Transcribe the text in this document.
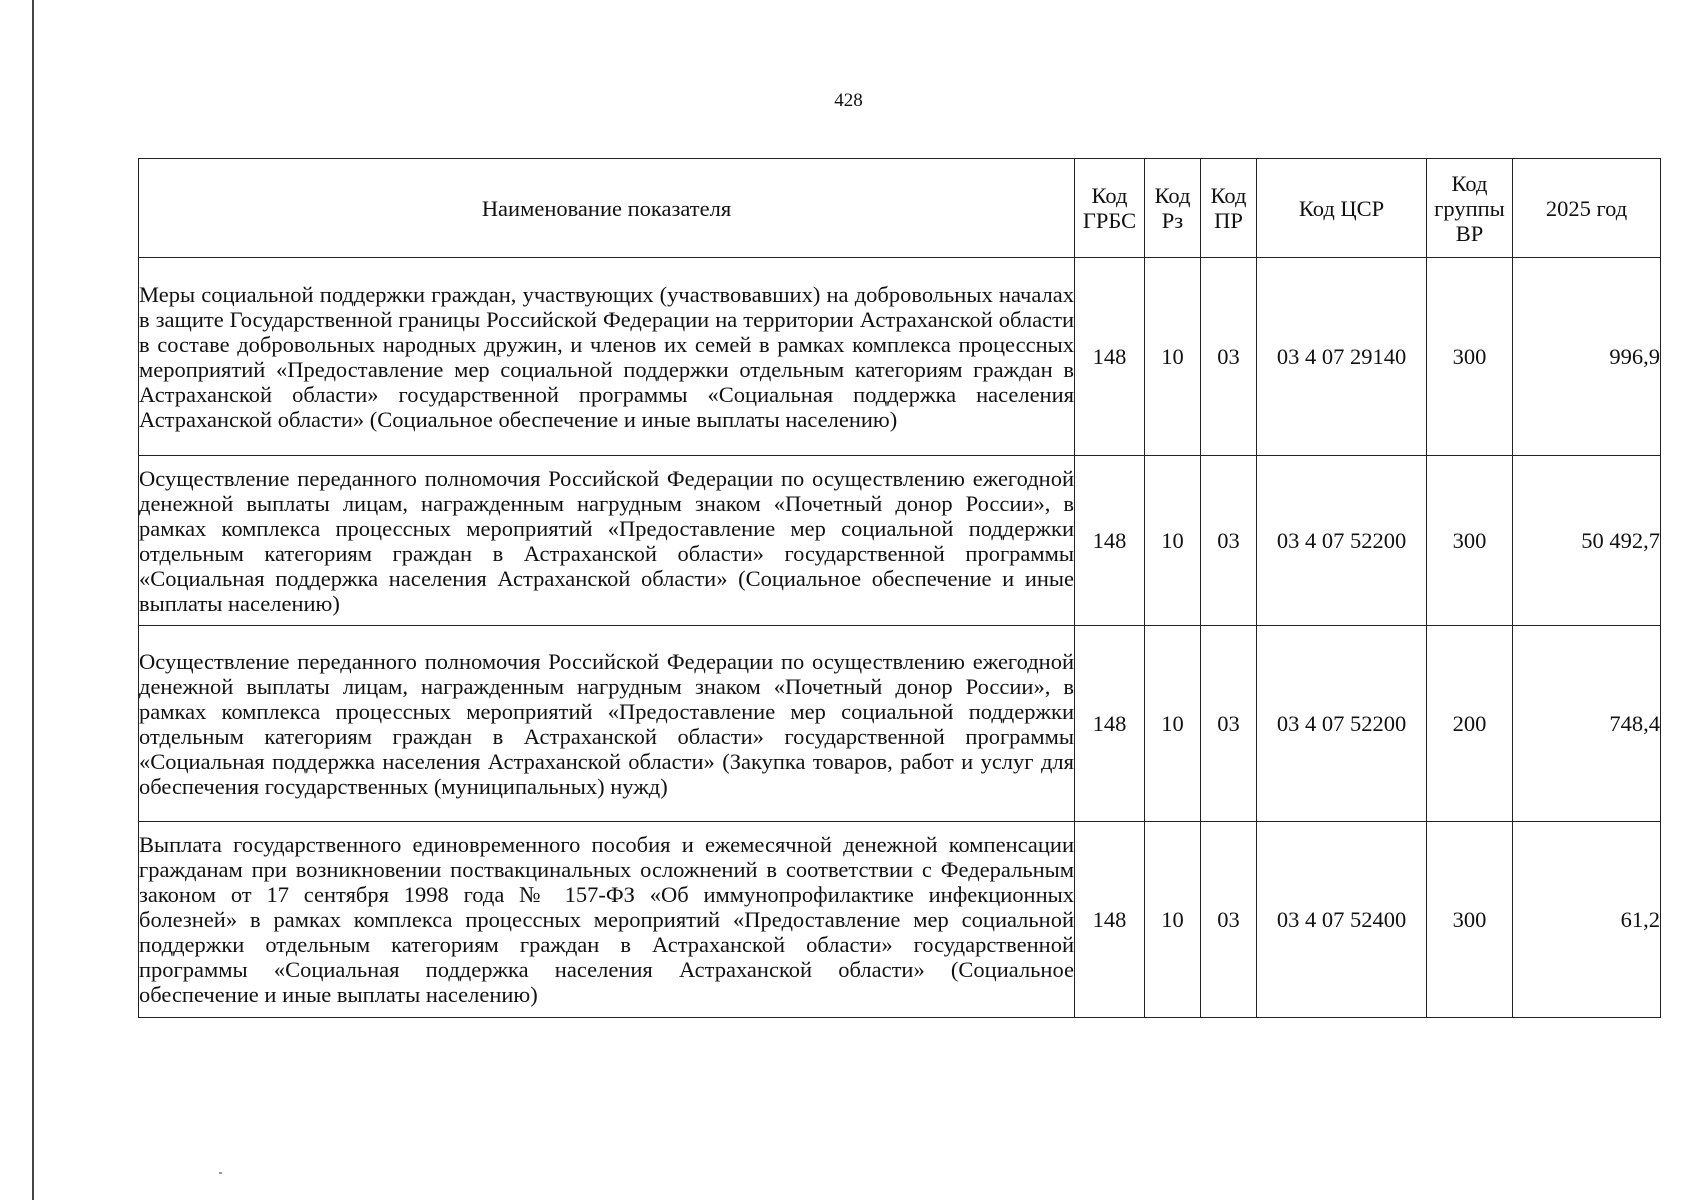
428
Наименование показателя	Код ГРБС	Код Рз	Код ПР	Код ЦСР	Код группы ВР	2025 год
Меры социальной поддержки граждан, участвующих (участвовавших) на добровольных началах в защите Государственной границы Российской Федерации на территории Астраханской области в составе добровольных народных дружин, и членов их семей в рамках комплекса процессных мероприятий «Предоставление мер социальной поддержки отдельным категориям граждан в Астраханской области» государственной программы «Социальная поддержка населения Астраханской области» (Социальное обеспечение и иные выплаты населению)	148	10	03	03 4 07 29140	300	996,9
Осуществление переданного полномочия Российской Федерации по осуществлению ежегодной денежной выплаты лицам, награжденным нагрудным знаком «Почетный донор России», в рамках комплекса процессных мероприятий «Предоставление мер социальной поддержки отдельным категориям граждан в Астраханской области» государственной программы «Социальная поддержка населения Астраханской области» (Социальное обеспечение и иные выплаты населению)	148	10	03	03 4 07 52200	300	50 492,7
Осуществление переданного полномочия Российской Федерации по осуществлению ежегодной денежной выплаты лицам, награжденным нагрудным знаком «Почетный донор России», в рамках комплекса процессных мероприятий «Предоставление мер социальной поддержки отдельным категориям граждан в Астраханской области» государственной программы «Социальная поддержка населения Астраханской области» (Закупка товаров, работ и услуг для обеспечения государственных (муниципальных) нужд)	148	10	03	03 4 07 52200	200	748,4
Выплата государственного единовременного пособия и ежемесячной денежной компенсации гражданам при возникновении поствакцинальных осложнений в соответствии с Федеральным законом от 17 сентября 1998 года № 157-ФЗ «Об иммунопрофилактике инфекционных болезней» в рамках комплекса процессных мероприятий «Предоставление мер социальной поддержки отдельным категориям граждан в Астраханской области» государственной программы «Социальная поддержка населения Астраханской области» (Социальное обеспечение и иные выплаты населению)	148	10	03	03 4 07 52400	300	61,2
